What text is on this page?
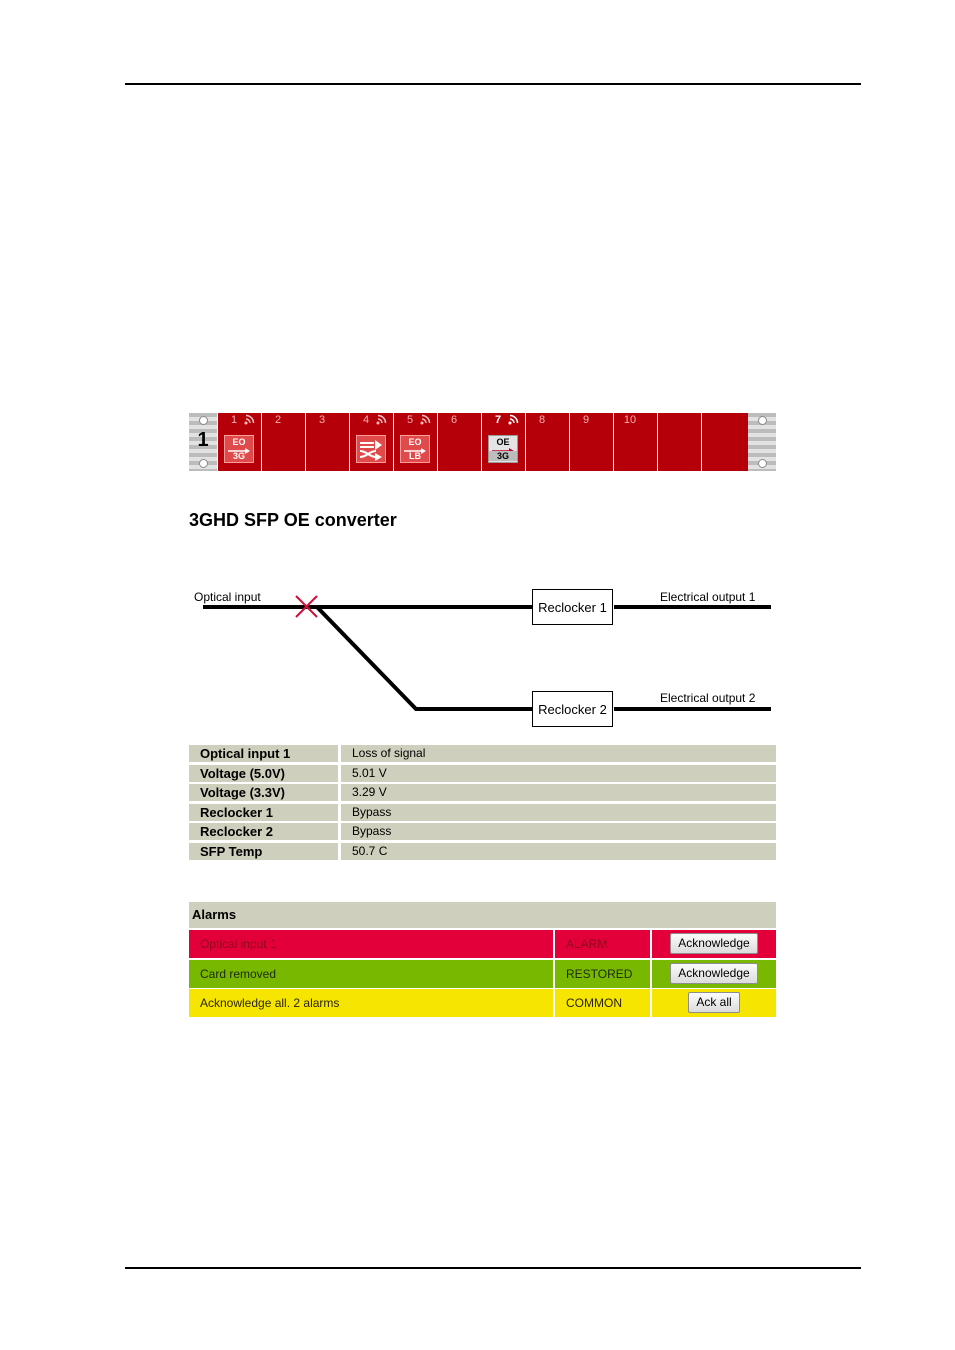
1
1
EO
3G
2	3	4	5
EO
LB
6	7
OE
3G
8	9	10
3GHD SFP OE converter
Optical input	Electrical output 1
Electrical output 2
Reclocker 1
Reclocker 2
Optical input 1	Loss of signal
Voltage (5.0V)	5.01 V
Voltage (3.3V)	3.29 V
Reclocker 1	Bypass
Reclocker 2	Bypass
SFP Temp	50.7 C
Alarms
Optical input 1	ALARM	Acknowledge
Card removed	RESTORED	Acknowledge
Acknowledge all. 2 alarms	COMMON	Ack all
